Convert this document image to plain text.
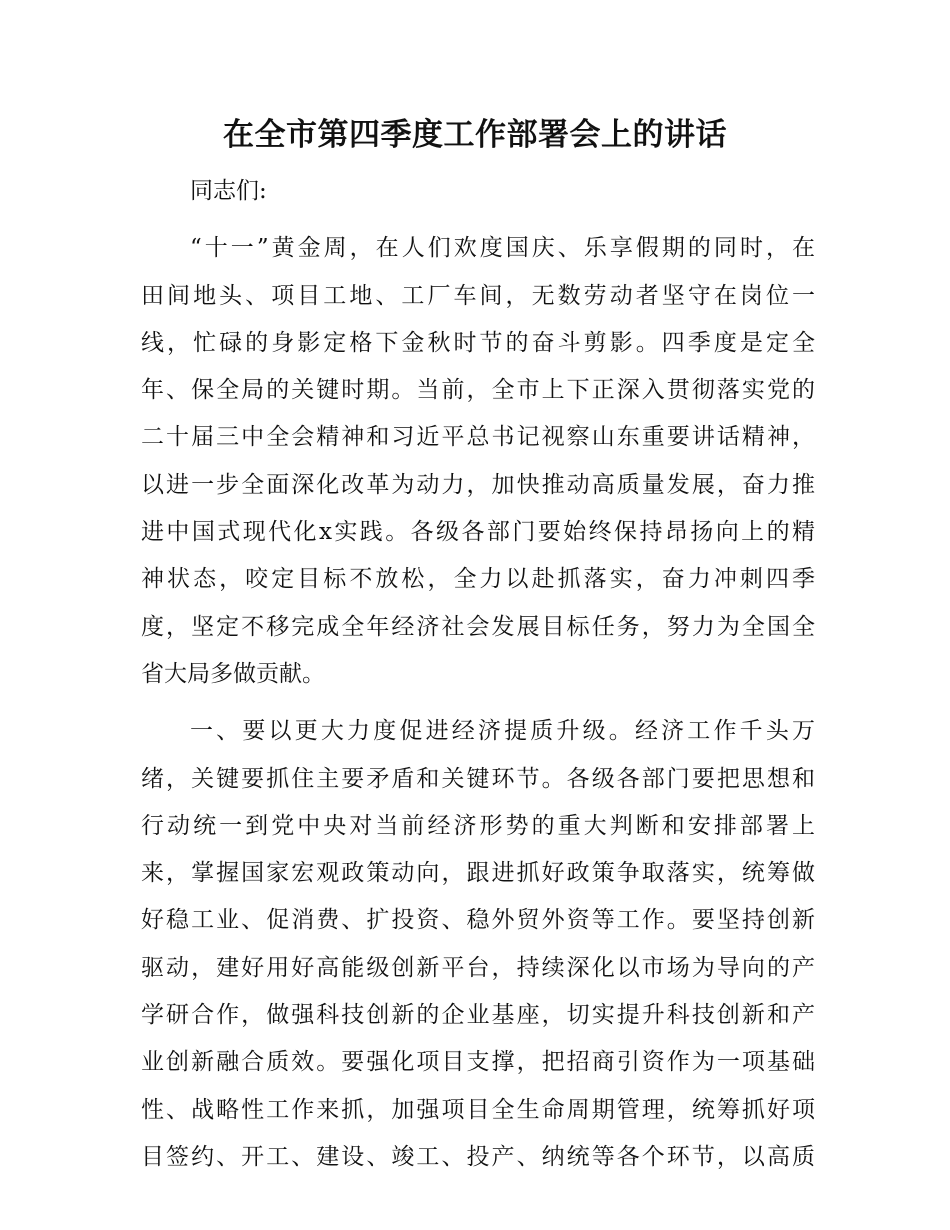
在全市第四季度工作部署会上的讲话
同志们:
“十一”黄金周，在人们欢度国庆、乐享假期的同时，在
田间地头、项目工地、工厂车间，无数劳动者坚守在岗位一
线，忙碌的身影定格下金秋时节的奋斗剪影。四季度是定全
年、保全局的关键时期。当前，全市上下正深入贯彻落实党的
二十届三中全会精神和习近平总书记视察山东重要讲话精神，
以进一步全面深化改革为动力，加快推动高质量发展，奋力推
进中国式现代化x实践。各级各部门要始终保持昂扬向上的精
神状态，咬定目标不放松，全力以赴抓落实，奋力冲刺四季
度，坚定不移完成全年经济社会发展目标任务，努力为全国全
省大局多做贡献。
一、要以更大力度促进经济提质升级。经济工作千头万
绪，关键要抓住主要矛盾和关键环节。各级各部门要把思想和
行动统一到党中央对当前经济形势的重大判断和安排部署上
来，掌握国家宏观政策动向，跟进抓好政策争取落实，统筹做
好稳工业、促消费、扩投资、稳外贸外资等工作。要坚持创新
驱动，建好用好高能级创新平台，持续深化以市场为导向的产
学研合作，做强科技创新的企业基座，切实提升科技创新和产
业创新融合质效。要强化项目支撑，把招商引资作为一项基础
性、战略性工作来抓，加强项目全生命周期管理，统筹抓好项
目签约、开工、建设、竣工、投产、纳统等各个环节，以高质
